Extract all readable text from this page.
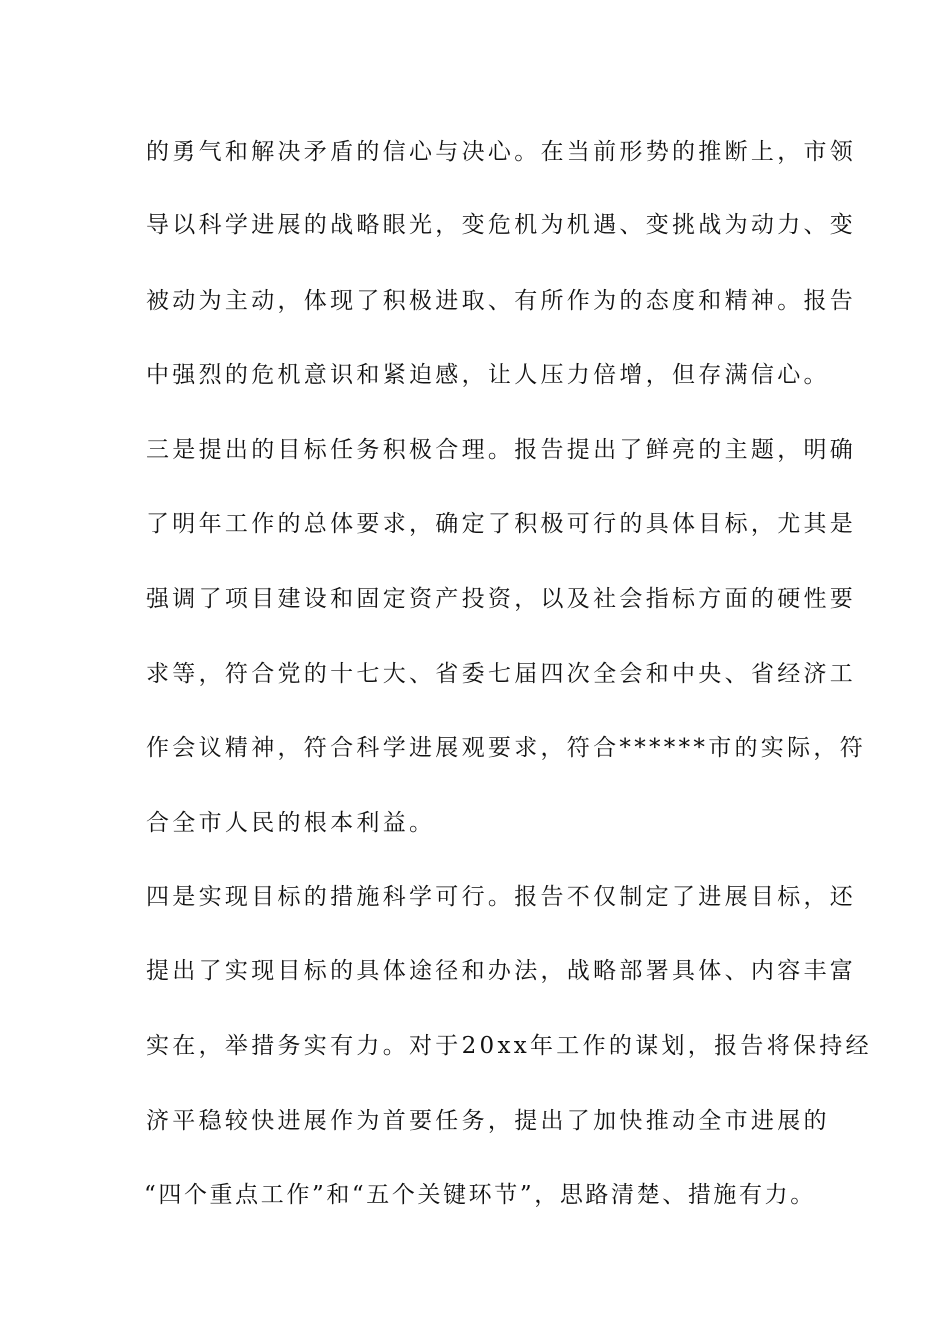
的勇气和解决矛盾的信心与决心。在当前形势的推断上，市领
导以科学进展的战略眼光，变危机为机遇、变挑战为动力、变
被动为主动，体现了积极进取、有所作为的态度和精神。报告
中强烈的危机意识和紧迫感，让人压力倍增，但存满信心。
三是提出的目标任务积极合理。报告提出了鲜亮的主题，明确
了明年工作的总体要求，确定了积极可行的具体目标，尤其是
强调了项目建设和固定资产投资，以及社会指标方面的硬性要
求等，符合党的十七大、省委七届四次全会和中央、省经济工
作会议精神，符合科学进展观要求，符合******市的实际，符
合全市人民的根本利益。
四是实现目标的措施科学可行。报告不仅制定了进展目标，还
提出了实现目标的具体途径和办法，战略部署具体、内容丰富
实在，举措务实有力。对于20xx年工作的谋划，报告将保持经
济平稳较快进展作为首要任务，提出了加快推动全市进展的
“四个重点工作”和“五个关键环节”，思路清楚、措施有力。
